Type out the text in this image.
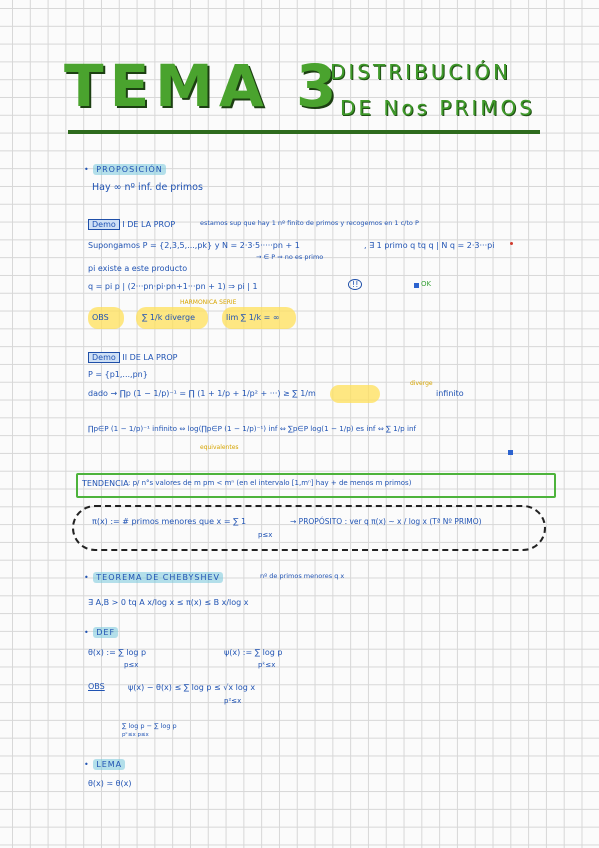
TEMA 3
DISTRIBUCIÓN
DE Nos PRIMOS
• PROPOSICIÓN
Hay ∞ nº inf. de primos
Demo I DE LA PROP	estamos sup que hay 1 nº finito de primos y recogemos en 1 c/to P
Supongamos P = {2,3,5,...,pk} y N = 2·3·5·····pn + 1	, ∃ 1 primo q tq q | N q = 2·3···pi
→ ∈ P ⇒ no es primo
pi existe a este producto
q = pi p | (2···pn·pi·pn+1···pn + 1) ⇒ pi | 1	!!	OK
OBS
HARMONICA SERIE
∑ 1/k diverge	lim ∑ 1/k = ∞
Demo II DE LA PROP
P = {p1,...,pn}
dado → ∏p (1 − 1/p)⁻¹ = ∏ (1 + 1/p + 1/p² + ···) ≥ ∑ 1/m
diverge
infinito
∏p∈P (1 − 1/p)⁻¹ infinito ⇔ log(∏p∈P (1 − 1/p)⁻¹) inf ⇔ ∑p∈P log(1 − 1/p) es inf ⇔ ∑ 1/p inf
equivalentes
TENDENCIA : p/ n°s valores de m pm < mⁿ (en el intervalo [1,mⁿ] hay + de menos m primos)
π(x) := # primos menores que x = ∑ 1
p≤x
→ PROPÓSITO : ver q π(x) ~ x / log x (Tª Nº PRIMO)
• TEOREMA DE CHEBYSHEV	nº de primos menores q x
∃ A,B > 0 tq A x/log x ≤ π(x) ≤ B x/log x
• DEF
θ(x) := ∑ log p
p≤x
ψ(x) := ∑ log p
pᵏ≤x
OBS	ψ(x) − θ(x) ≤ ∑ log p ≤ √x log x
p²≤x
∑ log p − ∑ log p
pᵏ≤x p≤x
• LEMA
θ(x) ≍ θ(x)
